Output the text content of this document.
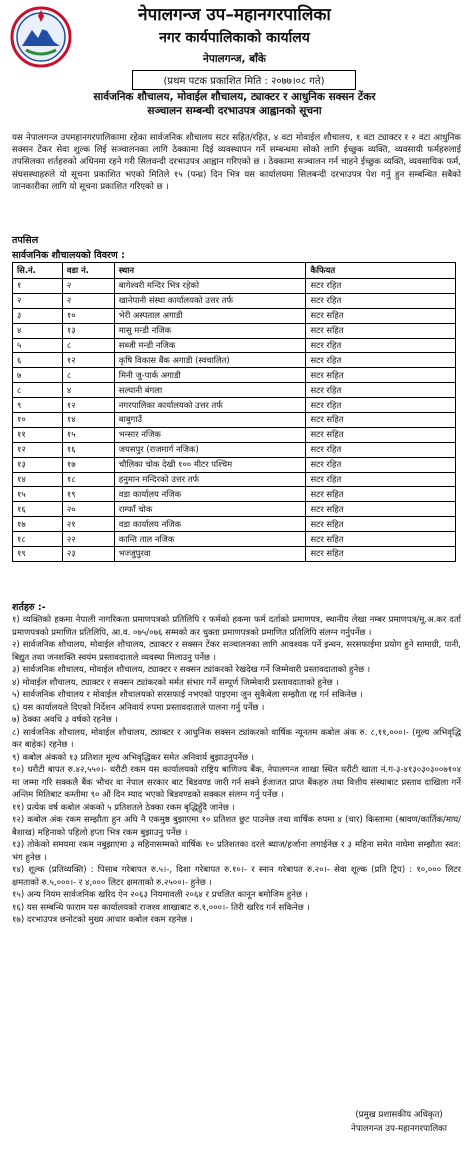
नेपालगन्ज उप–महानगरपालिका
नगर कार्यपालिकाको कार्यालय
नेपालगन्ज, बाँके
(प्रथम पटक प्रकाशित मिति : २०७७।०८ गते)
सार्वजनिक शौचालय, मोवाईल शौचालय, ट्याक्टर र आधुनिक सक्सन टेंकर
सञ्चालन सम्बन्धी दरभाउपत्र आह्वानको सूचना
यस नेपालगन्ज उपमहानगरपालिकामा रहेका सार्वजनिक शौचालय सटर सहित/रहित, ४ वटा मोवाईल शौचालय, १ वटा ट्याक्टर र २ वटा आधुनिक सक्सन टेंकर सेवा शुल्क लिई सञ्चालनका लागि ठेक्कामा दिई व्यवस्थापन गर्ने सम्बन्धमा सोको लागि ईच्छुक व्यक्ति, व्यवसायी फर्महरुलाई तपसिलका शर्तहरुको अधिनमा रहने गरी सिलवन्दी दरभाउपत्र आह्वान गरिएको छ । ठेक्कामा सञ्चालन गर्न चाहने ईच्छुक व्यक्ति, व्यवसायिक फर्म, संघसस्थाहरुले यो सूचना प्रकाशित भएको मितिले १५ (पन्ध्र) दिन भित्र यस कार्यालयमा सिलबन्दी दरभाउपत्र पेश गर्नु हुन सम्बन्धित सबैको जानकारीका लागि यो सूचना प्रकाशित गरिएको छ ।
तपसिल
सार्वजनिक शौचालयको विवरण :
सि.नं.	वडा नं.	स्थान	कैफियत
१	२	बागेश्वरी मन्दिर भित्र रहेको	सटर रहित
२	२	खानेपानी संस्था कार्यालयको उत्तर तर्फ	सटर रहित
३	१०	भेरी अस्पताल अगाडी	सटर सहित
४	१३	मासु मन्डी नजिक	सटर सहित
५	८	सब्जी मन्डी नजिक	सटर रहित
६	१२	कृषि विकास बैंक अगाडी (स्वचालित)	सटर रहित
७	८	मिनी जु-पार्क अगाडी	सटर सहित
८	४	सल्यानी बंगला	सटर रहित
९	१२	नगरपालिका कार्यालयको उत्तर तर्फ	सटर रहित
१०	१४	बाबुगाउँ	सटर सहित
११	१५	भन्सार नजिक	सटर सहित
१२	१६	जयसपुर (राजमार्ग नजिक)	सटर रहित
१३	१७	चौलिका चोक देखी १०० मीटर पश्चिम	सटर रहित
१४	१८	हनुमान मन्दिरको उत्तर तर्फ	सटर रहित
१५	१९	वडा कार्यालय नजिक	सटर सहित
१६	२०	राम्फाँ चोक	सटर सहित
१७	२१	वडा कार्यालय नजिक	सटर सहित
१८	२२	कान्ति ताल नजिक	सटर सहित
१९	२३	भज्जुपुरवा	सटर सहित
शर्तहरु :-

१) व्यक्तिको हकमा नेपाली नागरिकता प्रमाणपत्रको प्रतिलिपि र फर्मको हकमा फर्म दर्ताको प्रमाणपत्र, स्थानीय लेखा नम्बर प्रमाणपत्र/मू.अ.कर दर्ता प्रमाणपत्रको प्रमाणित प्रतिलिपि, आ.व. ०७५/०७६ सम्मको कर चुक्ता प्रमाणपत्रको प्रमाणित प्रतिलिपि संलग्न गर्नुपर्नेछ ।

२) सार्वजनिक शौचालय, मोवाईल शौचालय, ट्याक्टर र सक्सन टेंकर सञ्चालनका लागि आवश्यक पर्ने इन्धन, सरसफाईमा प्रयोग हुने सामाग्री, पानी, बिद्युत तथा जनशक्ति स्वयंम प्रस्तावदाताले व्यवस्था मिलाउनु पर्नेछ ।

३) सार्वजनिक शौचालय, मोवाईल शौचालय, ट्याक्टर र सक्सन ट्यांकरको रेखदेख गर्ने जिम्मेवारी प्रस्तावदाताको हुनेछ ।

४) मोवाईल शौचालय, ट्याक्टर र सक्सन ट्यांकरको मर्मत संभार गर्ने सम्पूर्ण जिम्मेवारी प्रस्तावदाताको हुनेछ ।

५) सार्वजनिक शौचालय र मोवाईल शौचालयको सरसफाई नभएको पाइएमा जुन सुकैबेला सम्झौता रद्द गर्न सकिनेछ ।

६) यस कार्यालयले दिएको निर्देशन अनिवार्य रुपमा प्रस्तावदाताले पालना गर्नु पर्नेछ ।

७) ठेक्का अवधि ३ वर्षको रहनेछ ।

८) सार्वजनिक शौचालय, मोवाईल शौचालय, ट्याक्टर र आधुनिक सक्सन ट्यांकरको वार्षिक न्यूनतम कबोल अंक रु. ८,११,०००।- (मूल्य अभिवृद्धि कर बाहेक) रहनेछ ।

९) कबोल अंकको १३ प्रतिशत मूल्य अभिवृद्धिकर समेत अनिवार्य बुझाउनुपर्नेछ ।

१०) धरौटी बापत रु.४२,५५०।- धरौटी रकम यस कार्यालयको राष्ट्रिय बाणिज्य बैंक, नेपालगन्ज शाखा स्थित धरौटी खाता नं.ग-३-४१३०३०३००७१०४ मा जम्मा गरि सक्कलै बैंक भौचर वा नेपाल सरकार बाट बिडवण्ड जारी गर्न सक्ने ईजाजत प्राप्त बैंकहरु तथा वित्तीय संस्थाबाट प्रस्ताव दाखिला गर्ने अन्तिम मितिबाट कम्तीमा ९० औं दिन म्याद भएको बिडवण्डको सक्कल संलग्न गर्नु पर्नेछ ।

११) प्रत्येक वर्ष कबोल अंकको ५ प्रतिशतले ठेक्का रकम बृद्धिहुँदै जानेछ ।

१२) कबोल अंक रकम सम्झौता हुन अघि नै एकमुष्ठ बुझाएमा १० प्रतिशत छुट पाउनेछ तथा वार्षिक रुपमा ४ (चार) किस्तामा (श्रावण/कार्तिक/माघ/बैशाख) महिनाको पहिलो हप्ता भित्र रकम बुझाउनु पर्नेछ ।

१३) तोकेको समयमा रकम नबुझाएमा ३ महिनासम्मको वार्षिक १० प्रतिशतका दरले ब्याज/हर्जाना लगाईनेछ र ३ महिना समेत नाघेमा सम्झौता स्वत: भंग हुनेछ ।

१४) शूल्क (प्रतिव्यक्ति) : पिसाब गरेबापत रु.५।-, दिशा गरेबापत रु.१०।- र स्नान गरेबापत रु.२०।- सेवा शूल्क (प्रति ट्रिप) : १०,००० लिटर क्षमताको रु.५,०००।- र ४,००० लिटर क्षमताको रु.२५००।- हुनेछ ।

१५) अन्य नियम सार्वजनिक खरिद ऐन २०६३ नियमावली २०६४ र प्रचलित कानून बमोजिम हुनेछ ।

१६) यस सम्बन्धि फाराम यस कार्यालयको राजश्व शाखाबाट रु.१,०००।- तिरी खरिद गर्न सकिनेछ ।

१७) दरभाउपत्र छनोटको मुख्य आधार कबोल रकम रहनेछ ।

(प्रमुख प्रशासकीय अधिकृत)
नेपालगन्ज उप-महानगरपालिका
